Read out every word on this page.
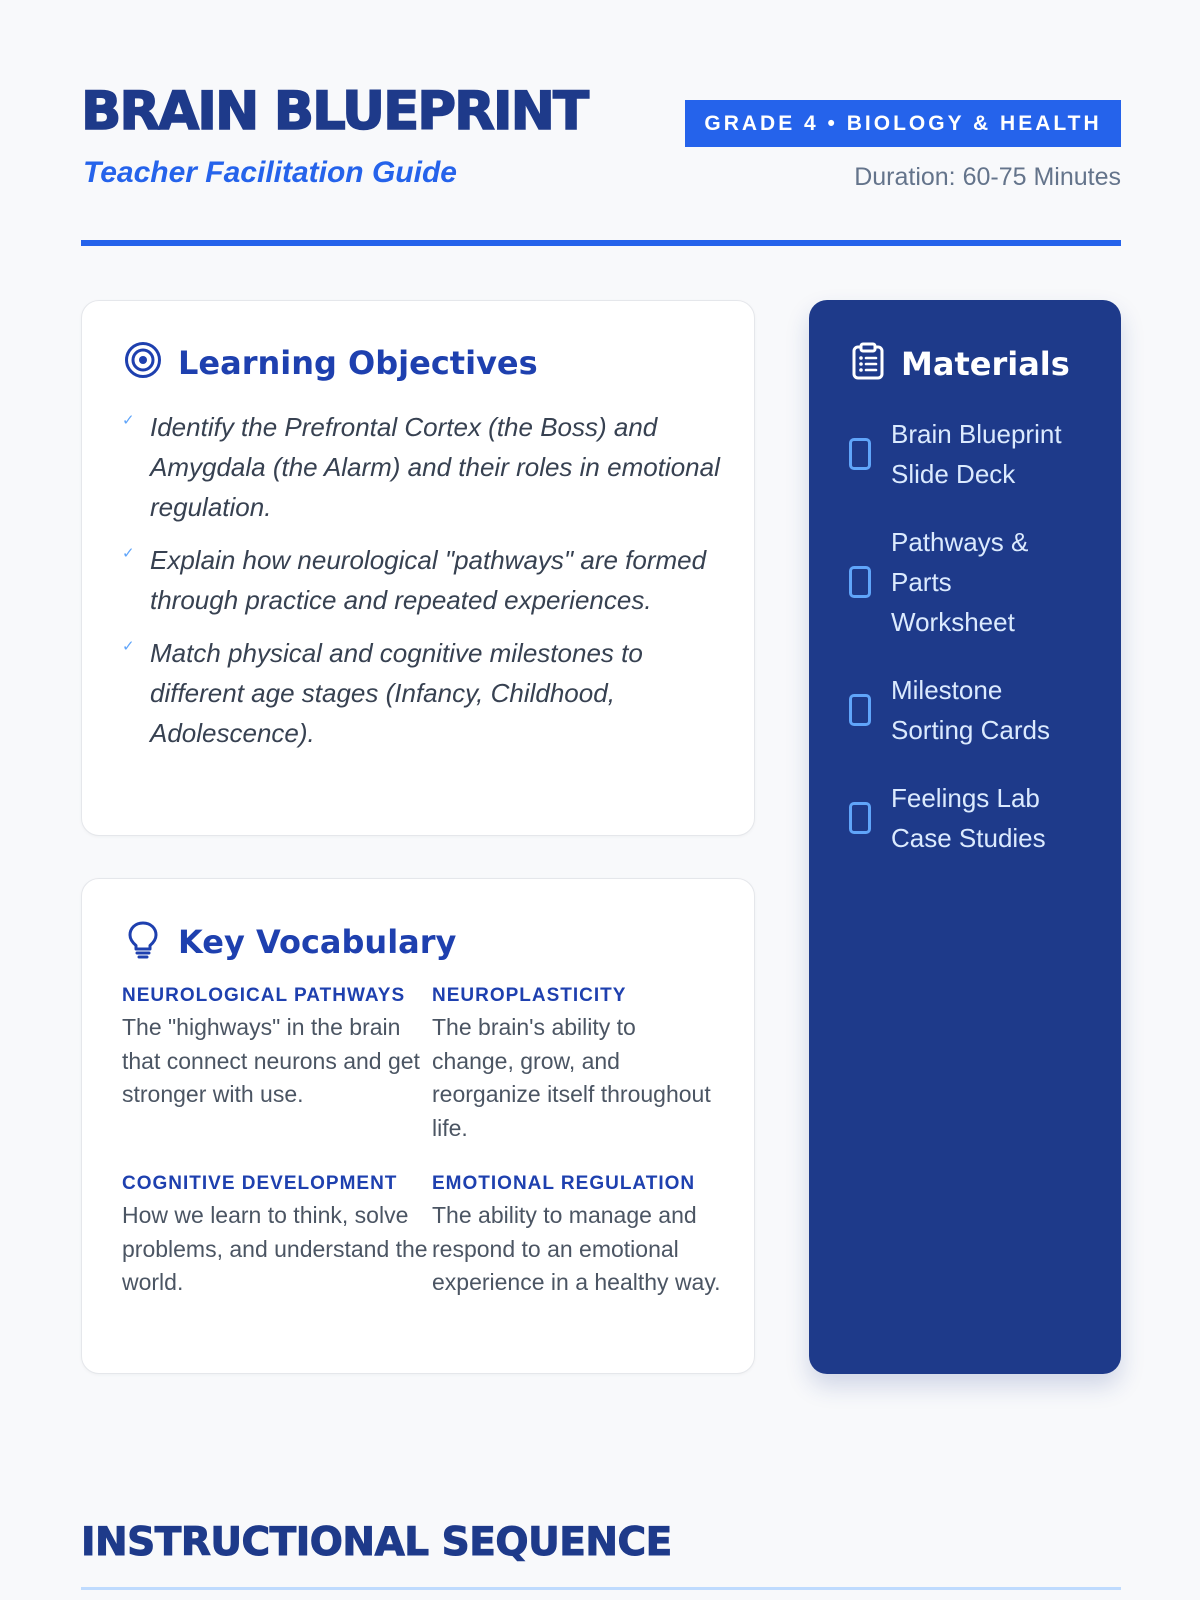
BRAIN BLUEPRINT
Teacher Facilitation Guide
GRADE 4 • BIOLOGY & HEALTH
Duration: 60-75 Minutes
Learning Objectives
✓ Identify the Prefrontal Cortex (the Boss) and Amygdala (the Alarm) and their roles in emotional regulation.
✓ Explain how neurological "pathways" are formed through practice and repeated experiences.
✓ Match physical and cognitive milestones to different age stages (Infancy, Childhood, Adolescence).
Key Vocabulary
NEUROLOGICAL PATHWAYS
The "highways" in the brain that connect neurons and get stronger with use.
NEUROPLASTICITY
The brain's ability to change, grow, and reorganize itself throughout life.
COGNITIVE DEVELOPMENT
How we learn to think, solve problems, and understand the world.
EMOTIONAL REGULATION
The ability to manage and respond to an emotional experience in a healthy way.
Materials
Brain Blueprint Slide Deck
Pathways & Parts Worksheet
Milestone Sorting Cards
Feelings Lab Case Studies
INSTRUCTIONAL SEQUENCE
